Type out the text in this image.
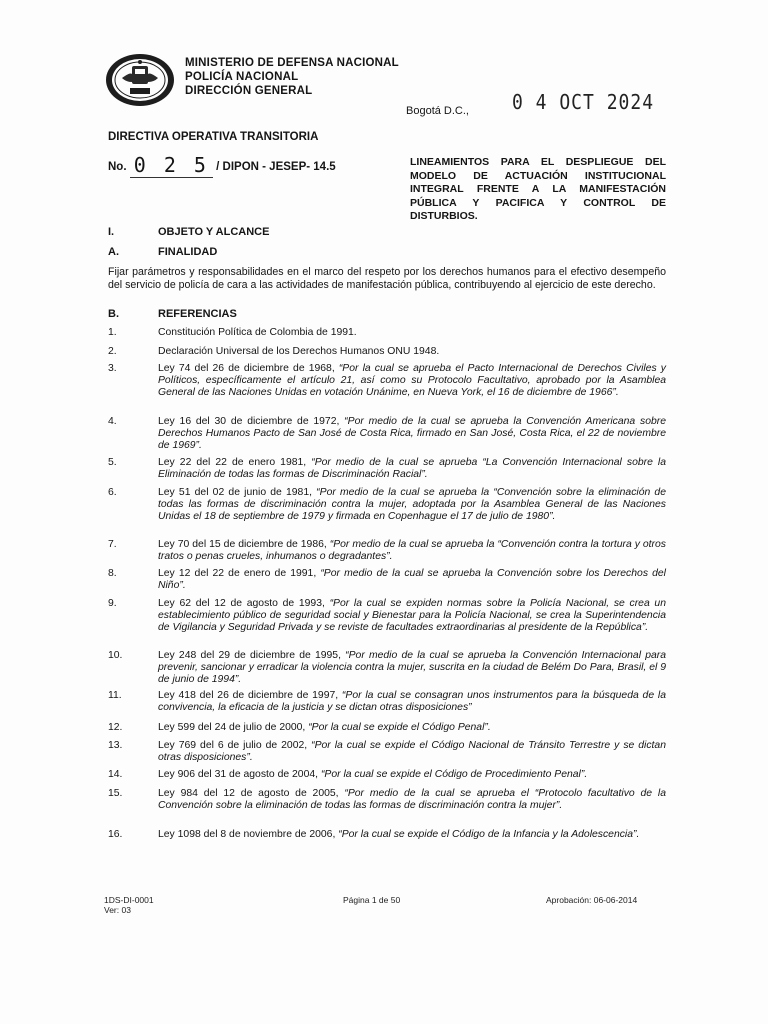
MINISTERIO DE DEFENSA NACIONAL
POLICÍA NACIONAL
DIRECCIÓN GENERAL
Bogotá D.C., 0 4 OCT 2024
DIRECTIVA OPERATIVA TRANSITORIA
No. 0 2 5 / DIPON - JESEP- 14.5	LINEAMIENTOS PARA EL DESPLIEGUE DEL MODELO DE ACTUACIÓN INSTITUCIONAL INTEGRAL FRENTE A LA MANIFESTACIÓN PÚBLICA Y PACIFICA Y CONTROL DE DISTURBIOS.
I.	OBJETO Y ALCANCE
A.	FINALIDAD
Fijar parámetros y responsabilidades en el marco del respeto por los derechos humanos para el efectivo desempeño del servicio de policía de cara a las actividades de manifestación pública, contribuyendo al ejercicio de este derecho.
B.	REFERENCIAS
1.	Constitución Política de Colombia de 1991.
2.	Declaración Universal de los Derechos Humanos ONU 1948.
3.	Ley 74 del 26 de diciembre de 1968, “Por la cual se aprueba el Pacto Internacional de Derechos Civiles y Políticos, específicamente el artículo 21, así como su Protocolo Facultativo, aprobado por la Asamblea General de las Naciones Unidas en votación Unánime, en Nueva York, el 16 de diciembre de 1966”.
4.	Ley 16 del 30 de diciembre de 1972, “Por medio de la cual se aprueba la Convención Americana sobre Derechos Humanos Pacto de San José de Costa Rica, firmado en San José, Costa Rica, el 22 de noviembre de 1969”.
5.	Ley 22 del 22 de enero 1981, “Por medio de la cual se aprueba “La Convención Internacional sobre la Eliminación de todas las formas de Discriminación Racial”.
6.	Ley 51 del 02 de junio de 1981, “Por medio de la cual se aprueba la “Convención sobre la eliminación de todas las formas de discriminación contra la mujer, adoptada por la Asamblea General de las Naciones Unidas el 18 de septiembre de 1979 y firmada en Copenhague el 17 de julio de 1980”.
7.	Ley 70 del 15 de diciembre de 1986, “Por medio de la cual se aprueba la “Convención contra la tortura y otros tratos o penas crueles, inhumanos o degradantes”.
8.	Ley 12 del 22 de enero de 1991, “Por medio de la cual se aprueba la Convención sobre los Derechos del Niño”.
9.	Ley 62 del 12 de agosto de 1993, “Por la cual se expiden normas sobre la Policía Nacional, se crea un establecimiento público de seguridad social y Bienestar para la Policía Nacional, se crea la Superintendencia de Vigilancia y Seguridad Privada y se reviste de facultades extraordinarias al presidente de la República”.
10.	Ley 248 del 29 de diciembre de 1995, “Por medio de la cual se aprueba la Convención Internacional para prevenir, sancionar y erradicar la violencia contra la mujer, suscrita en la ciudad de Belém Do Para, Brasil, el 9 de junio de 1994”.
11.	Ley 418 del 26 de diciembre de 1997, “Por la cual se consagran unos instrumentos para la búsqueda de la convivencia, la eficacia de la justicia y se dictan otras disposiciones”
12.	Ley 599 del 24 de julio de 2000, “Por la cual se expide el Código Penal”.
13.	Ley 769 del 6 de julio de 2002, “Por la cual se expide el Código Nacional de Tránsito Terrestre y se dictan otras disposiciones”.
14.	Ley 906 del 31 de agosto de 2004, “Por la cual se expide el Código de Procedimiento Penal”.
15.	Ley 984 del 12 de agosto de 2005, “Por medio de la cual se aprueba el “Protocolo facultativo de la Convención sobre la eliminación de todas las formas de discriminación contra la mujer”.
16.	Ley 1098 del 8 de noviembre de 2006, “Por la cual se expide el Código de la Infancia y la Adolescencia”.
1DS-DI-0001
Ver: 03
Página 1 de 50	Aprobación: 06-06-2014
